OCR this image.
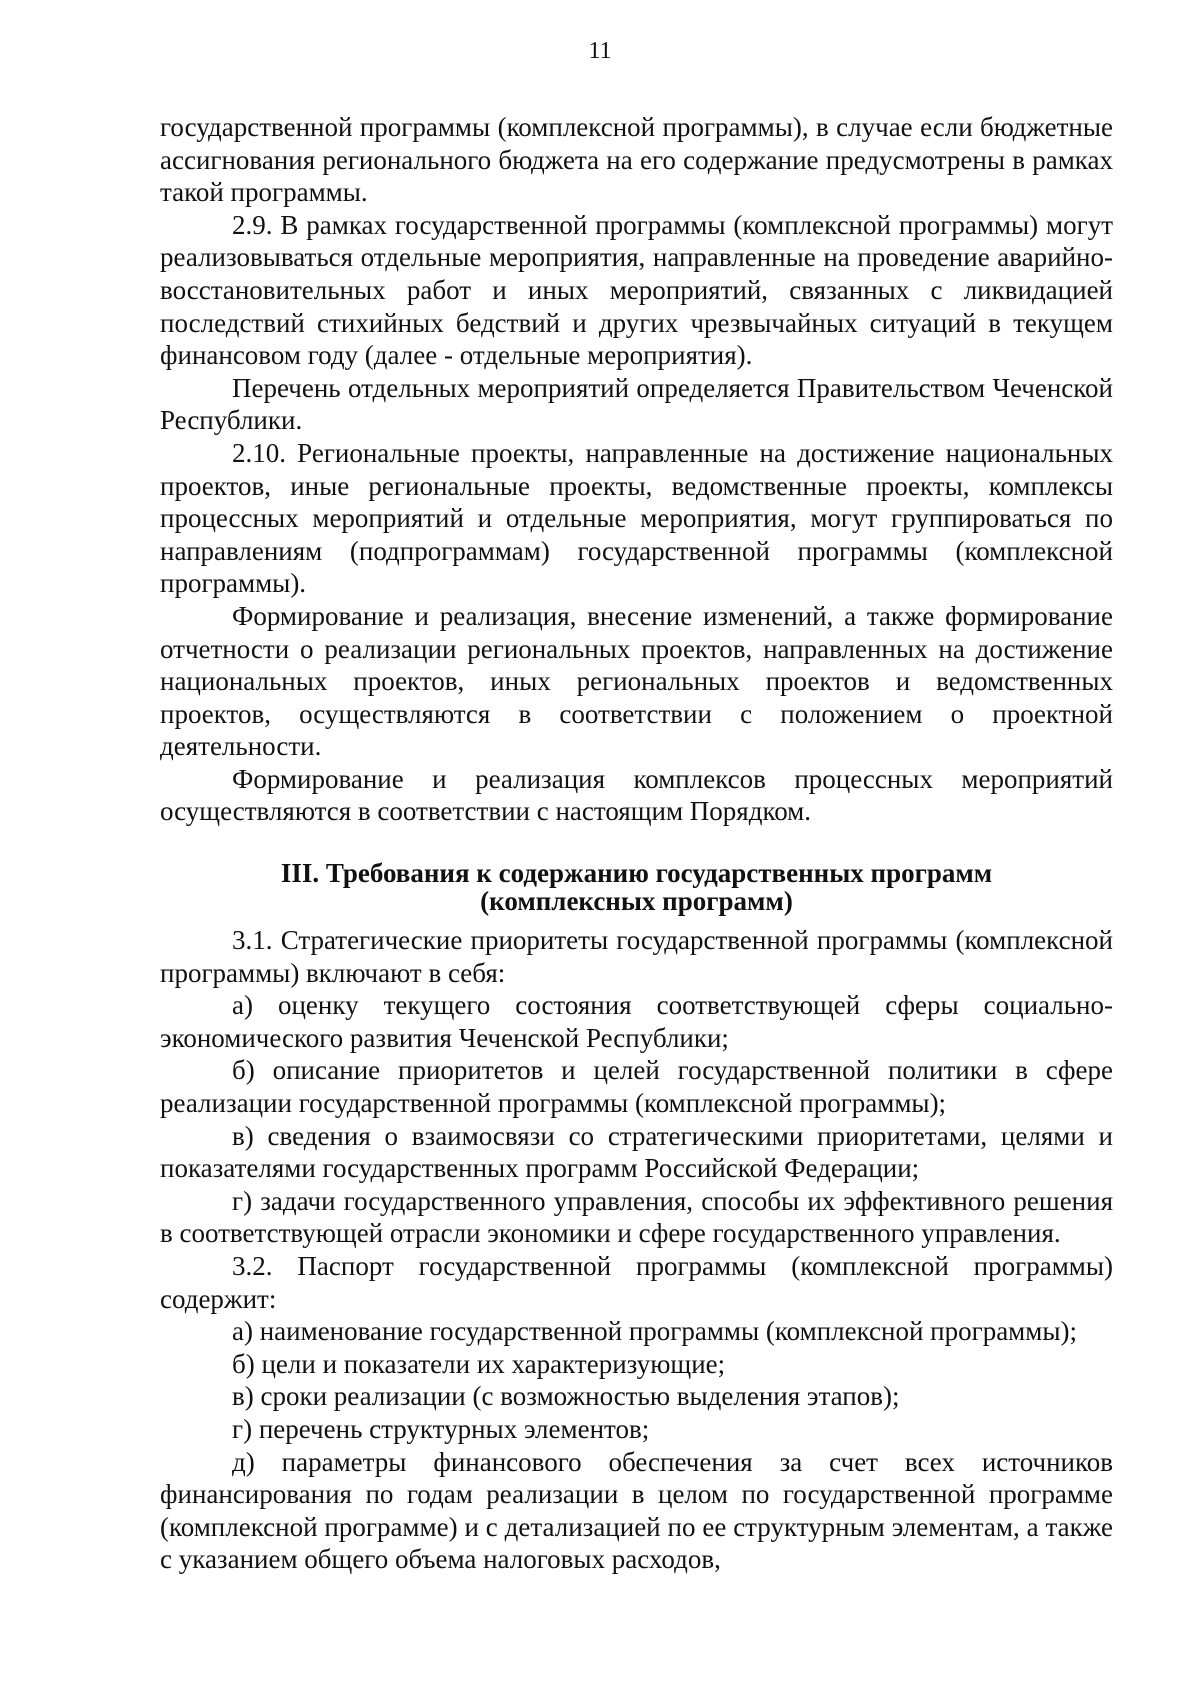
11

государственной программы (комплексной программы), в случае если бюджетные ассигнования регионального бюджета на его содержание предусмотрены в рамках такой программы.

2.9. В рамках государственной программы (комплексной программы) могут реализовываться отдельные мероприятия, направленные на проведение аварийно-восстановительных работ и иных мероприятий, связанных с ликвидацией последствий стихийных бедствий и других чрезвычайных ситуаций в текущем финансовом году (далее - отдельные мероприятия).

Перечень отдельных мероприятий определяется Правительством Чеченской Республики.

2.10. Региональные проекты, направленные на достижение национальных проектов, иные региональные проекты, ведомственные проекты, комплексы процессных мероприятий и отдельные мероприятия, могут группироваться по направлениям (подпрограммам) государственной программы (комплексной программы).

Формирование и реализация, внесение изменений, а также формирование отчетности о реализации региональных проектов, направленных на достижение национальных проектов, иных региональных проектов и ведомственных проектов, осуществляются в соответствии с положением о проектной деятельности.

Формирование и реализация комплексов процессных мероприятий осуществляются в соответствии с настоящим Порядком.

III. Требования к содержанию государственных программ
(комплексных программ)

3.1. Стратегические приоритеты государственной программы (комплексной программы) включают в себя:

а) оценку текущего состояния соответствующей сферы социально-экономического развития Чеченской Республики;

б) описание приоритетов и целей государственной политики в сфере реализации государственной программы (комплексной программы);

в) сведения о взаимосвязи со стратегическими приоритетами, целями и показателями государственных программ Российской Федерации;

г) задачи государственного управления, способы их эффективного решения в соответствующей отрасли экономики и сфере государственного управления.

3.2. Паспорт государственной программы (комплексной программы) содержит:

а) наименование государственной программы (комплексной программы);

б) цели и показатели их характеризующие;

в) сроки реализации (с возможностью выделения этапов);

г) перечень структурных элементов;

д) параметры финансового обеспечения за счет всех источников финансирования по годам реализации в целом по государственной программе (комплексной программе) и с детализацией по ее структурным элементам, а также с указанием общего объема налоговых расходов,
